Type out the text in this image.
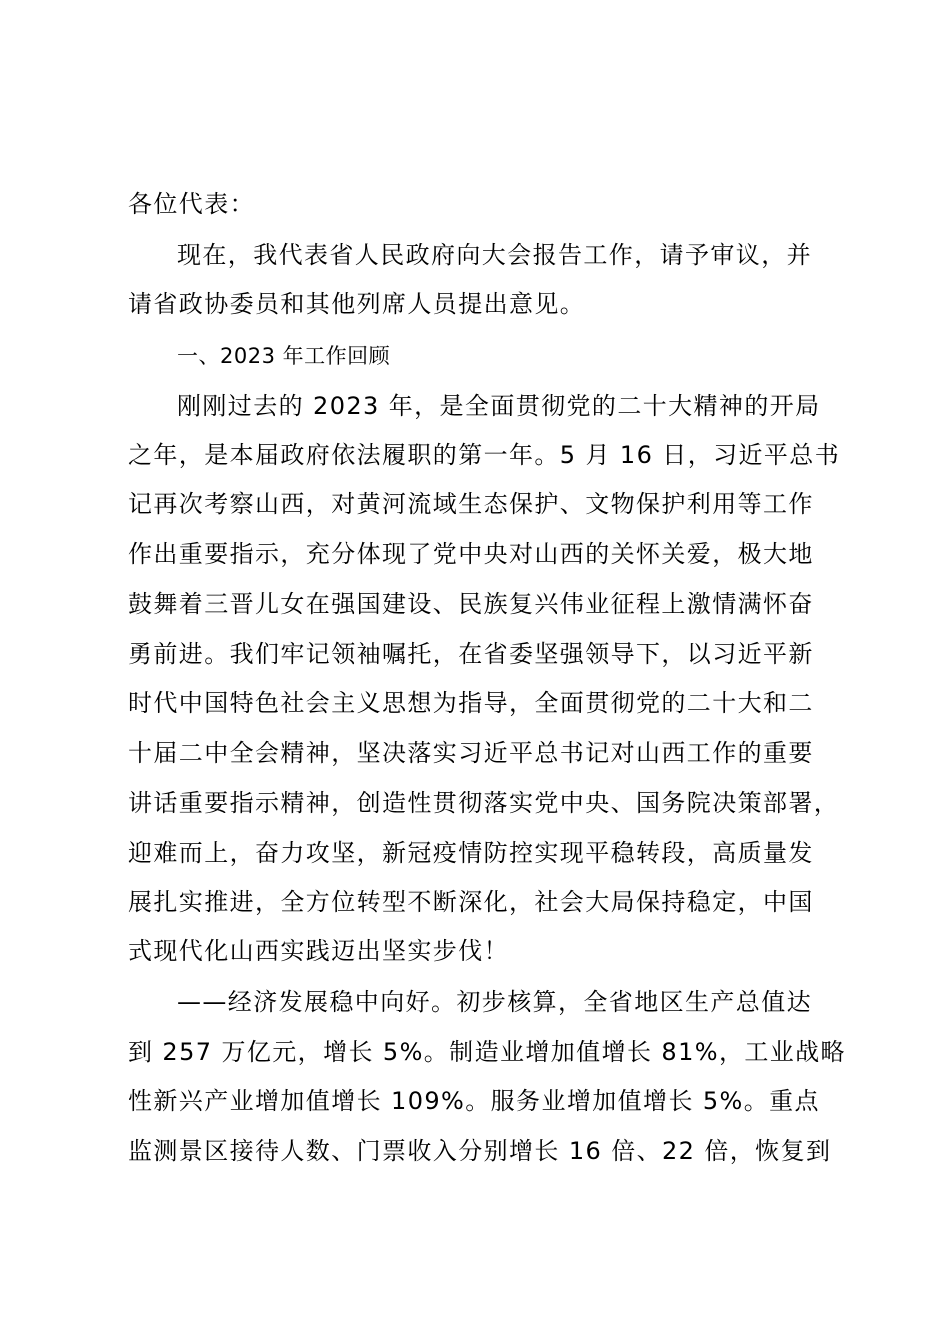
各位代表：
现在，我代表省人民政府向大会报告工作，请予审议，并
请省政协委员和其他列席人员提出意见。
一、2023 年工作回顾
刚刚过去的 2023 年，是全面贯彻党的二十大精神的开局
之年，是本届政府依法履职的第一年。5 月 16 日，习近平总书
记再次考察山西，对黄河流域生态保护、文物保护利用等工作
作出重要指示，充分体现了党中央对山西的关怀关爱，极大地
鼓舞着三晋儿女在强国建设、民族复兴伟业征程上激情满怀奋
勇前进。我们牢记领袖嘱托，在省委坚强领导下，以习近平新
时代中国特色社会主义思想为指导，全面贯彻党的二十大和二
十届二中全会精神，坚决落实习近平总书记对山西工作的重要
讲话重要指示精神，创造性贯彻落实党中央、国务院决策部署，
迎难而上，奋力攻坚，新冠疫情防控实现平稳转段，高质量发
展扎实推进，全方位转型不断深化，社会大局保持稳定，中国
式现代化山西实践迈出坚实步伐！
——经济发展稳中向好。初步核算，全省地区生产总值达
到 257 万亿元，增长 5%。制造业增加值增长 81%，工业战略
性新兴产业增加值增长 109%。服务业增加值增长 5%。重点
监测景区接待人数、门票收入分别增长 16 倍、22 倍，恢复到
